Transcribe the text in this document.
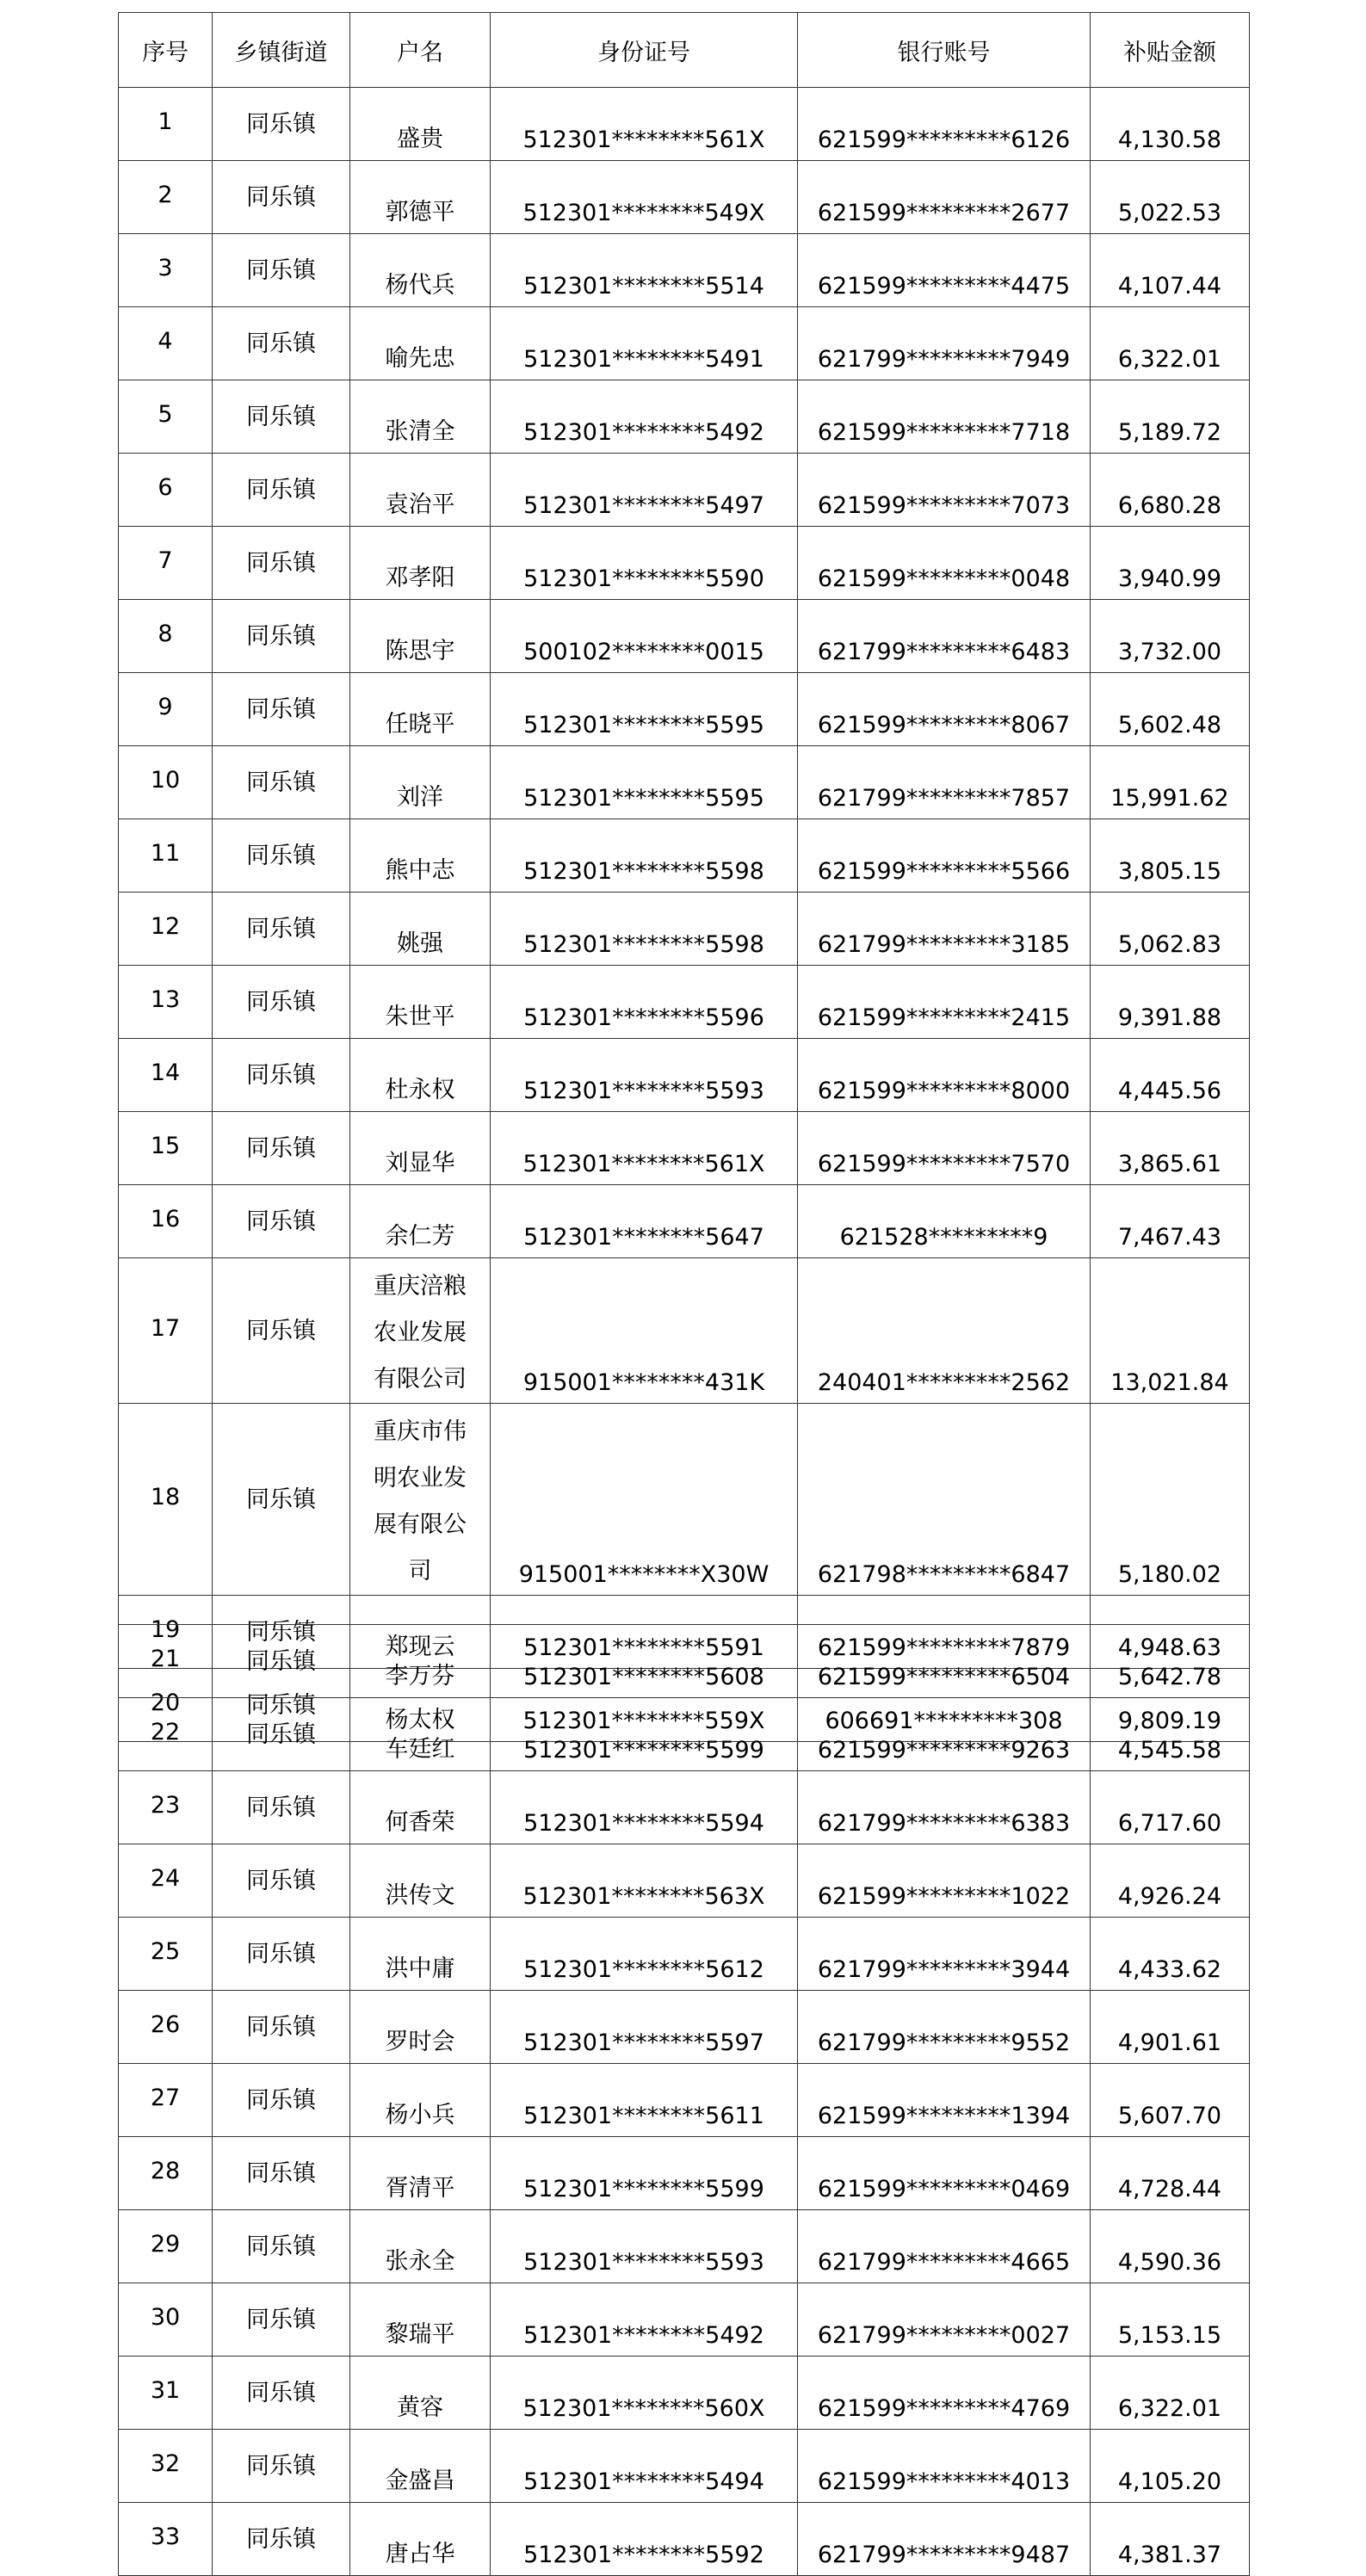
序号	乡镇街道	户名	身份证号	银行账号	补贴金额
1	同乐镇	盛贵	512301********561X	621599*********6126	4,130.58
2	同乐镇	郭德平	512301********549X	621599*********2677	5,022.53
3	同乐镇	杨代兵	512301********5514	621599*********4475	4,107.44
4	同乐镇	喻先忠	512301********5491	621799*********7949	6,322.01
5	同乐镇	张清全	512301********5492	621599*********7718	5,189.72
6	同乐镇	袁治平	512301********5497	621599*********7073	6,680.28
7	同乐镇	邓孝阳	512301********5590	621599*********0048	3,940.99
8	同乐镇	陈思宇	500102********0015	621799*********6483	3,732.00
9	同乐镇	任晓平	512301********5595	621599*********8067	5,602.48
10	同乐镇	刘洋	512301********5595	621799*********7857	15,991.62
11	同乐镇	熊中志	512301********5598	621599*********5566	3,805.15
12	同乐镇	姚强	512301********5598	621799*********3185	5,062.83
13	同乐镇	朱世平	512301********5596	621599*********2415	9,391.88
14	同乐镇	杜永权	512301********5593	621599*********8000	4,445.56
15	同乐镇	刘显华	512301********561X	621599*********7570	3,865.61
16	同乐镇	余仁芳	512301********5647	621528*********9	7,467.43
17	同乐镇	重庆涪粮
农业发展
有限公司	915001********431K	240401*********2562	13,021.84
18	同乐镇	重庆市伟
明农业发
展有限公
司	915001********X30W	621798*********6847	5,180.02
19	同乐镇	郑现云	512301********5591	621599*********7879	4,948.63
20	同乐镇	杨太权	512301********559X	606691*********308	9,809.19
21	同乐镇	李万芬	512301********5608	621599*********6504	5,642.78
22	同乐镇	车廷红	512301********5599	621599*********9263	4,545.58
23	同乐镇	何香荣	512301********5594	621799*********6383	6,717.60
24	同乐镇	洪传文	512301********563X	621599*********1022	4,926.24
25	同乐镇	洪中庸	512301********5612	621799*********3944	4,433.62
26	同乐镇	罗时会	512301********5597	621799*********9552	4,901.61
27	同乐镇	杨小兵	512301********5611	621599*********1394	5,607.70
28	同乐镇	胥清平	512301********5599	621599*********0469	4,728.44
29	同乐镇	张永全	512301********5593	621799*********4665	4,590.36
30	同乐镇	黎瑞平	512301********5492	621799*********0027	5,153.15
31	同乐镇	黄容	512301********560X	621599*********4769	6,322.01
32	同乐镇	金盛昌	512301********5494	621599*********4013	4,105.20
33	同乐镇	唐占华	512301********5592	621799*********9487	4,381.37
